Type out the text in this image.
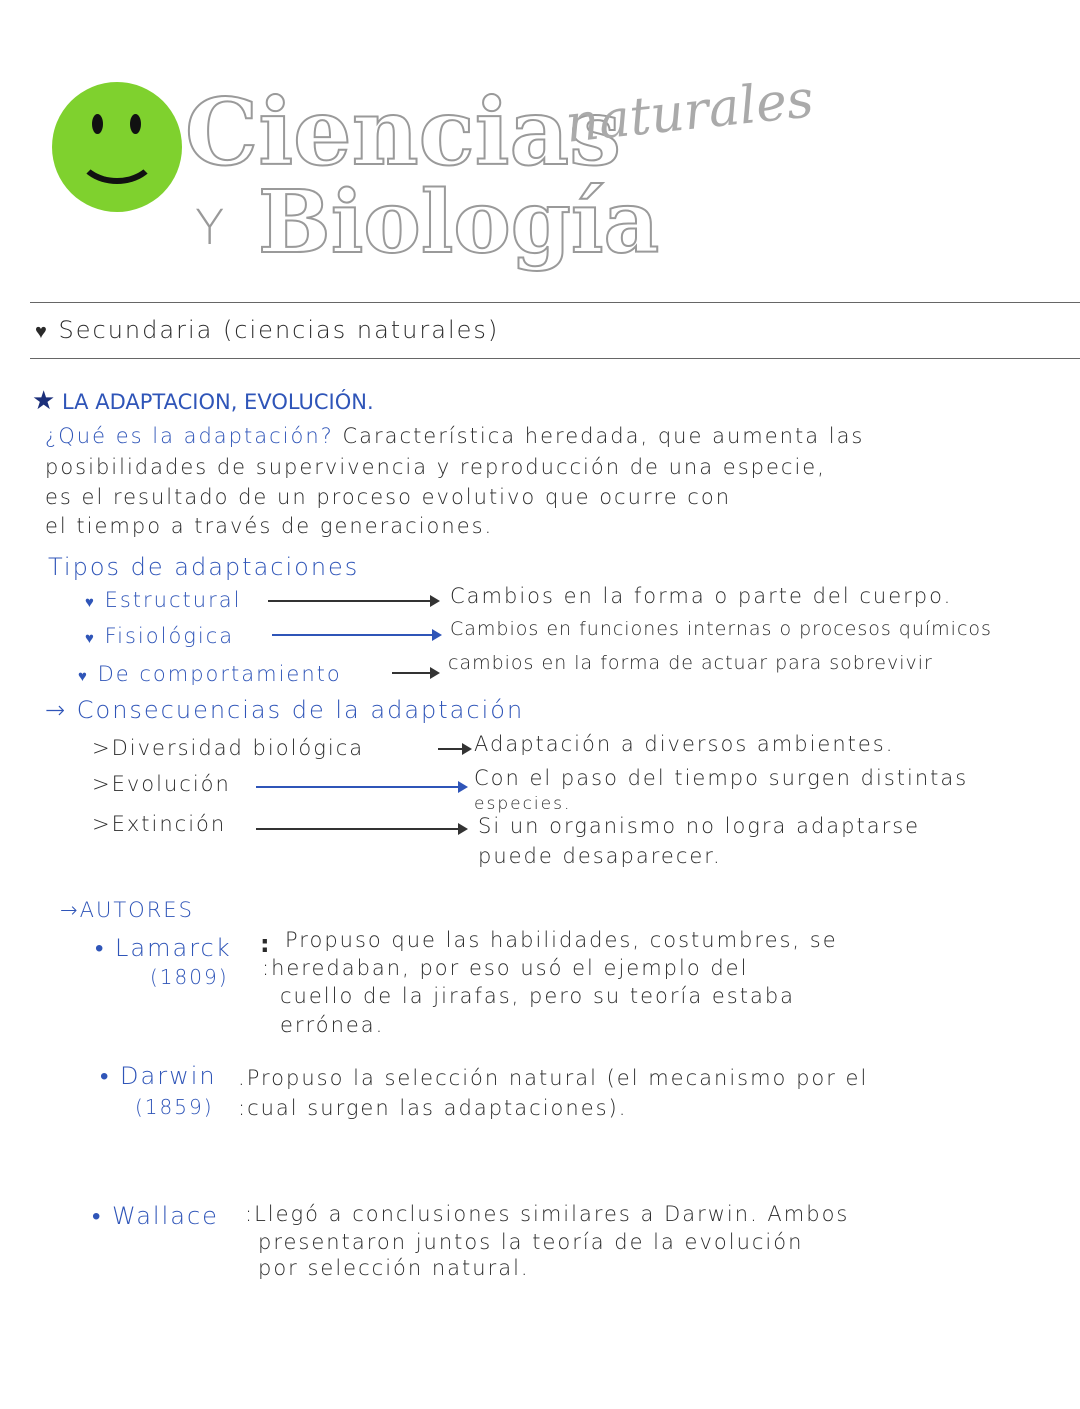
Ciencias
naturales
Y Biología
♥ Secundaria (ciencias naturales)
★ LA ADAPTACION, EVOLUCIÓN.
¿Qué es la adaptación? Característica heredada, que aumenta las
posibilidades de supervivencia y reproducción de una especie,
es el resultado de un proceso evolutivo que ocurre con
el tiempo a través de generaciones.
Tipos de adaptaciones
♥ Estructural	Cambios en la forma o parte del cuerpo.
♥ Fisiológica	Cambios en funciones internas o procesos químicos
♥ De comportamiento	cambios en la forma de actuar para sobrevivir
→ Consecuencias de la adaptación
>Diversidad biológica	Adaptación a diversos ambientes.
>Evolución	Con el paso del tiempo surgen distintas
especies.
>Extinción	Si un organismo no logra adaptarse
puede desaparecer.
→AUTORES
• Lamarck
(1809)
: Propuso que las habilidades, costumbres, se
:heredaban, por eso usó el ejemplo del
cuello de la jirafas, pero su teoría estaba
errónea.
• Darwin
(1859)
.Propuso la selección natural (el mecanismo por el
:cual surgen las adaptaciones).
• Wallace :Llegó a conclusiones similares a Darwin. Ambos
presentaron juntos la teoría de la evolución
por selección natural.
